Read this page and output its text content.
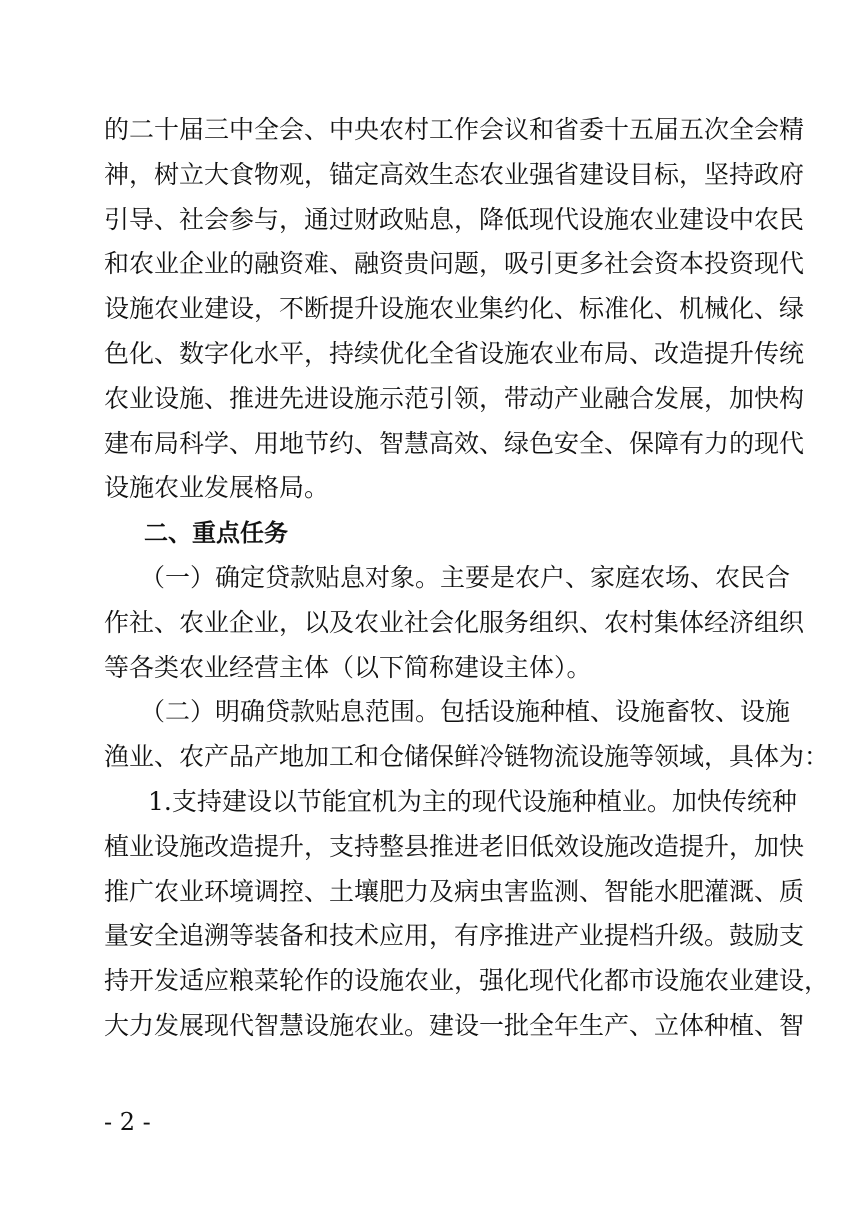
的二十届三中全会、中央农村工作会议和省委十五届五次全会精
神，树立大食物观，锚定高效生态农业强省建设目标，坚持政府
引导、社会参与，通过财政贴息，降低现代设施农业建设中农民
和农业企业的融资难、融资贵问题，吸引更多社会资本投资现代
设施农业建设，不断提升设施农业集约化、标准化、机械化、绿
色化、数字化水平，持续优化全省设施农业布局、改造提升传统
农业设施、推进先进设施示范引领，带动产业融合发展，加快构
建布局科学、用地节约、智慧高效、绿色安全、保障有力的现代
设施农业发展格局。
二、重点任务
（一）确定贷款贴息对象。主要是农户、家庭农场、农民合
作社、农业企业，以及农业社会化服务组织、农村集体经济组织
等各类农业经营主体（以下简称建设主体）。
（二）明确贷款贴息范围。包括设施种植、设施畜牧、设施
渔业、农产品产地加工和仓储保鲜冷链物流设施等领域，具体为：
1.支持建设以节能宜机为主的现代设施种植业。加快传统种
植业设施改造提升，支持整县推进老旧低效设施改造提升，加快
推广农业环境调控、土壤肥力及病虫害监测、智能水肥灌溉、质
量安全追溯等装备和技术应用，有序推进产业提档升级。鼓励支
持开发适应粮菜轮作的设施农业，强化现代化都市设施农业建设，
大力发展现代智慧设施农业。建设一批全年生产、立体种植、智
- 2 -
